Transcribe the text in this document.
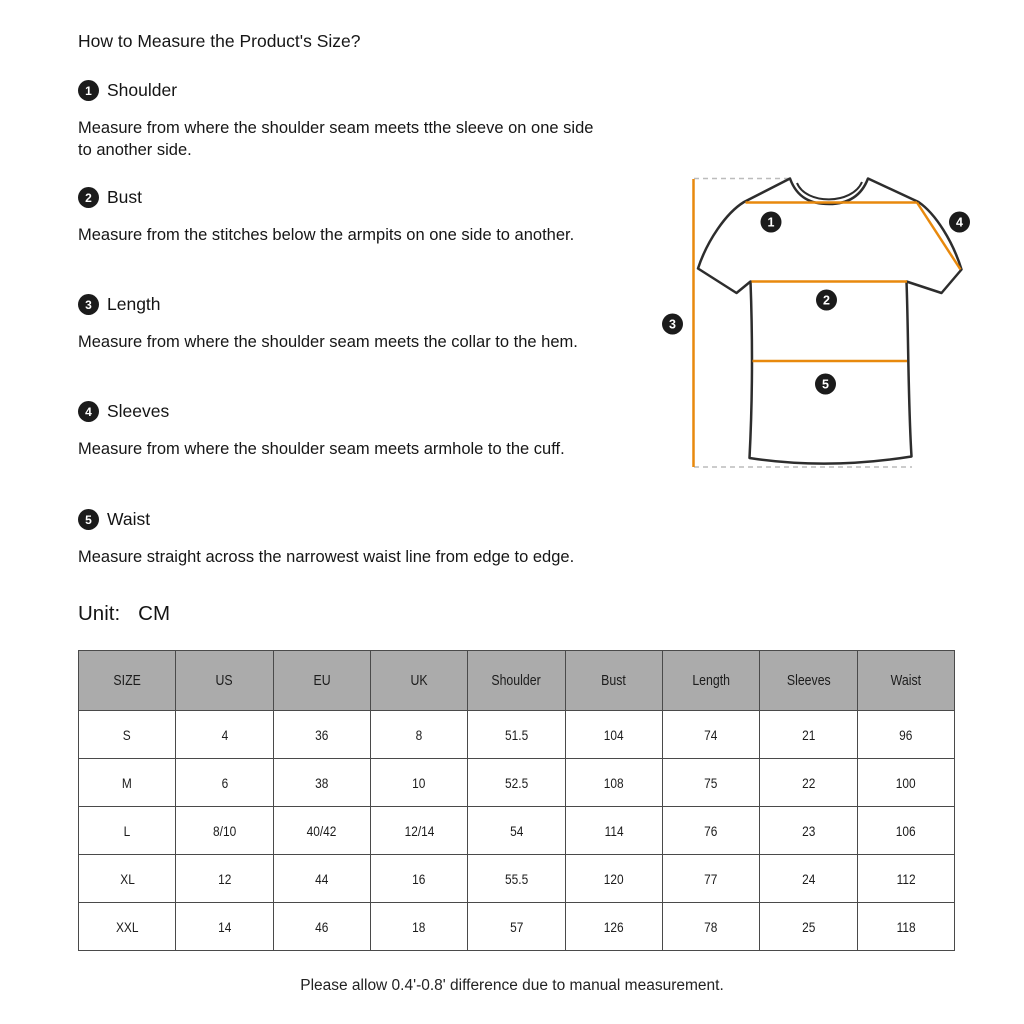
How to Measure the Product's Size?
1 Shoulder

Measure from where the shoulder seam meets tthe sleeve on one side to another side.

2 Bust

Measure from the stitches below the armpits on one side to another.

3 Length

Measure from where the shoulder seam meets the collar to the hem.

4 Sleeves

Measure from where the shoulder seam meets armhole to the cuff.

5 Waist

Measure straight across the narrowest waist line from edge to edge.

1
2
3
4
5
Unit: CM
SIZE	US	EU	UK	Shoulder	Bust	Length	Sleeves	Waist
S	4	36	8	51.5	104	74	21	96
M	6	38	10	52.5	108	75	22	100
L	8/10	40/42	12/14	54	114	76	23	106
XL	12	44	16	55.5	120	77	24	112
XXL	14	46	18	57	126	78	25	118
Please allow 0.4'-0.8' difference due to manual measurement.
